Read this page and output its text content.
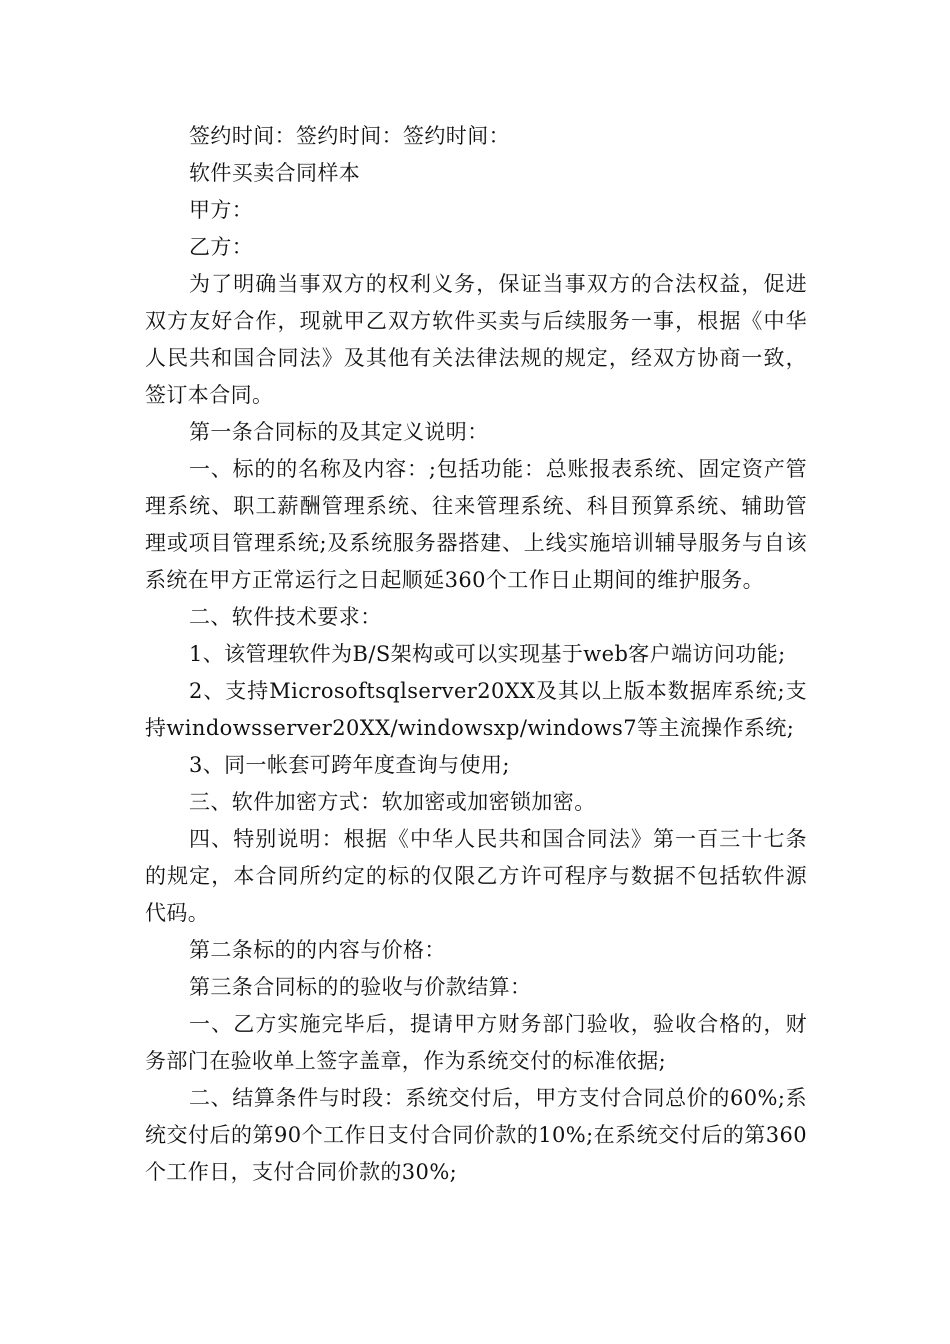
签约时间：签约时间：签约时间：

软件买卖合同样本

甲方：

乙方：

为了明确当事双方的权利义务，保证当事双方的合法权益，促进双方友好合作，现就甲乙双方软件买卖与后续服务一事，根据《中华人民共和国合同法》及其他有关法律法规的规定，经双方协商一致，签订本合同。

第一条合同标的及其定义说明：

一、标的的名称及内容：;包括功能：总账报表系统、固定资产管理系统、职工薪酬管理系统、往来管理系统、科目预算系统、辅助管理或项目管理系统;及系统服务器搭建、上线实施培训辅导服务与自该系统在甲方正常运行之日起顺延360个工作日止期间的维护服务。

二、软件技术要求：

1、该管理软件为B/S架构或可以实现基于web客户端访问功能;

2、支持Microsoftsqlserver20XX及其以上版本数据库系统;支持windowsserver20XX/windowsxp/windows7等主流操作系统;

3、同一帐套可跨年度查询与使用;

三、软件加密方式：软加密或加密锁加密。

四、特别说明：根据《中华人民共和国合同法》第一百三十七条的规定，本合同所约定的标的仅限乙方许可程序与数据不包括软件源代码。

第二条标的的内容与价格：

第三条合同标的的验收与价款结算：

一、乙方实施完毕后，提请甲方财务部门验收，验收合格的，财务部门在验收单上签字盖章，作为系统交付的标准依据;

二、结算条件与时段：系统交付后，甲方支付合同总价的60%;系统交付后的第90个工作日支付合同价款的10%;在系统交付后的第360个工作日，支付合同价款的30%;
